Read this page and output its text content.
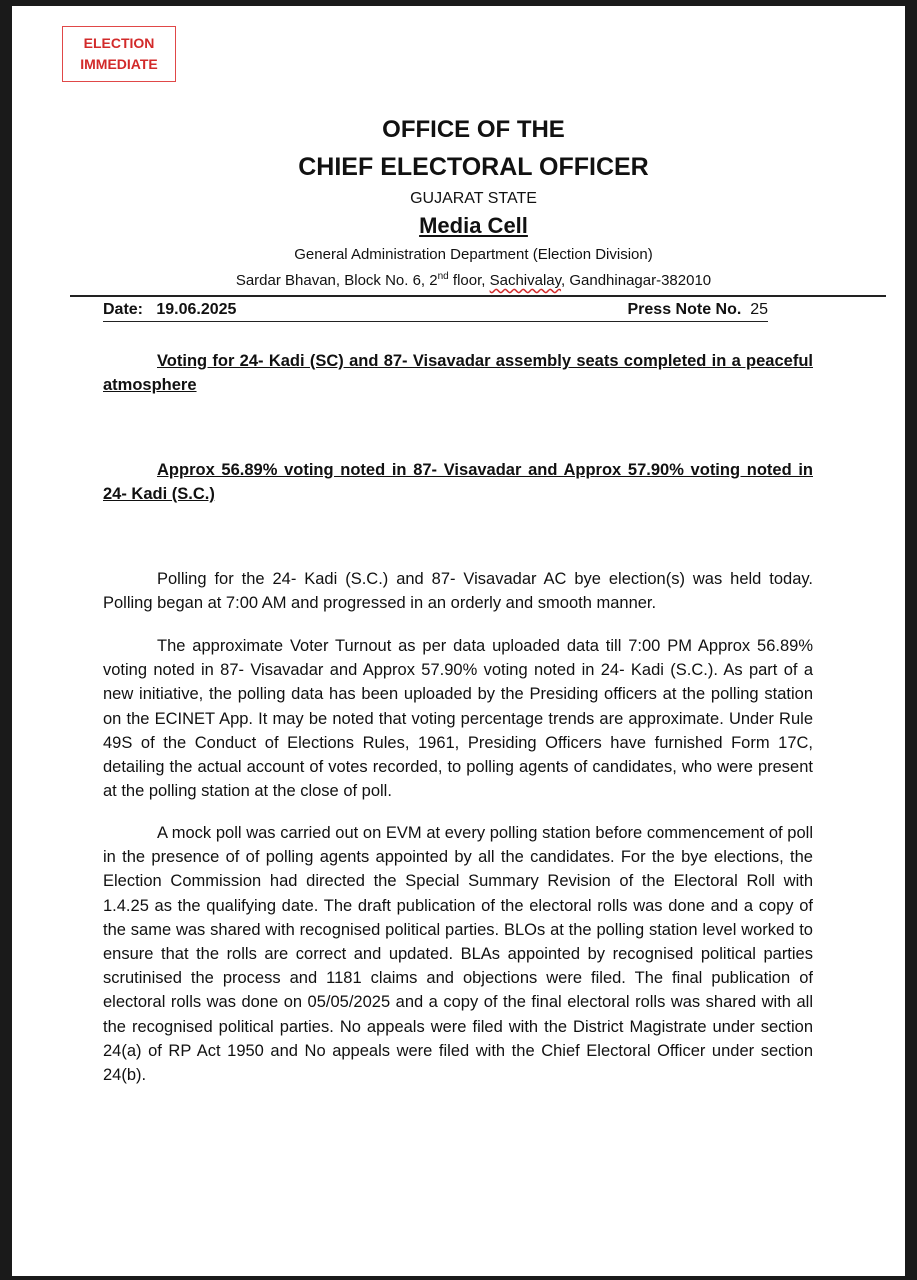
ELECTION
IMMEDIATE
OFFICE OF THE
CHIEF ELECTORAL OFFICER
GUJARAT STATE
Media Cell
General Administration Department (Election Division)
Sardar Bhavan, Block No. 6, 2nd floor, Sachivalay, Gandhinagar-382010
Date: 19.06.2025	Press Note No. 25
Voting for 24- Kadi (SC) and 87- Visavadar assembly seats completed in a peaceful atmosphere
Approx 56.89% voting noted in 87- Visavadar and Approx 57.90% voting noted in 24- Kadi (S.C.)

Polling for the 24- Kadi (S.C.) and 87- Visavadar AC bye election(s) was held today. Polling began at 7:00 AM and progressed in an orderly and smooth manner.

The approximate Voter Turnout as per data uploaded data till 7:00 PM Approx 56.89% voting noted in 87- Visavadar and Approx 57.90% voting noted in 24- Kadi (S.C.). As part of a new initiative, the polling data has been uploaded by the Presiding officers at the polling station on the ECINET App. It may be noted that voting percentage trends are approximate. Under Rule 49S of the Conduct of Elections Rules, 1961, Presiding Officers have furnished Form 17C, detailing the actual account of votes recorded, to polling agents of candidates, who were present at the polling station at the close of poll.

A mock poll was carried out on EVM at every polling station before commencement of poll in the presence of of polling agents appointed by all the candidates. For the bye elections, the Election Commission had directed the Special Summary Revision of the Electoral Roll with 1.4.25 as the qualifying date. The draft publication of the electoral rolls was done and a copy of the same was shared with recognised political parties. BLOs at the polling station level worked to ensure that the rolls are correct and updated. BLAs appointed by recognised political parties scrutinised the process and 1181 claims and objections were filed. The final publication of electoral rolls was done on 05/05/2025 and a copy of the final electoral rolls was shared with all the recognised political parties. No appeals were filed with the District Magistrate under section 24(a) of RP Act 1950 and No appeals were filed with the Chief Electoral Officer under section 24(b).
